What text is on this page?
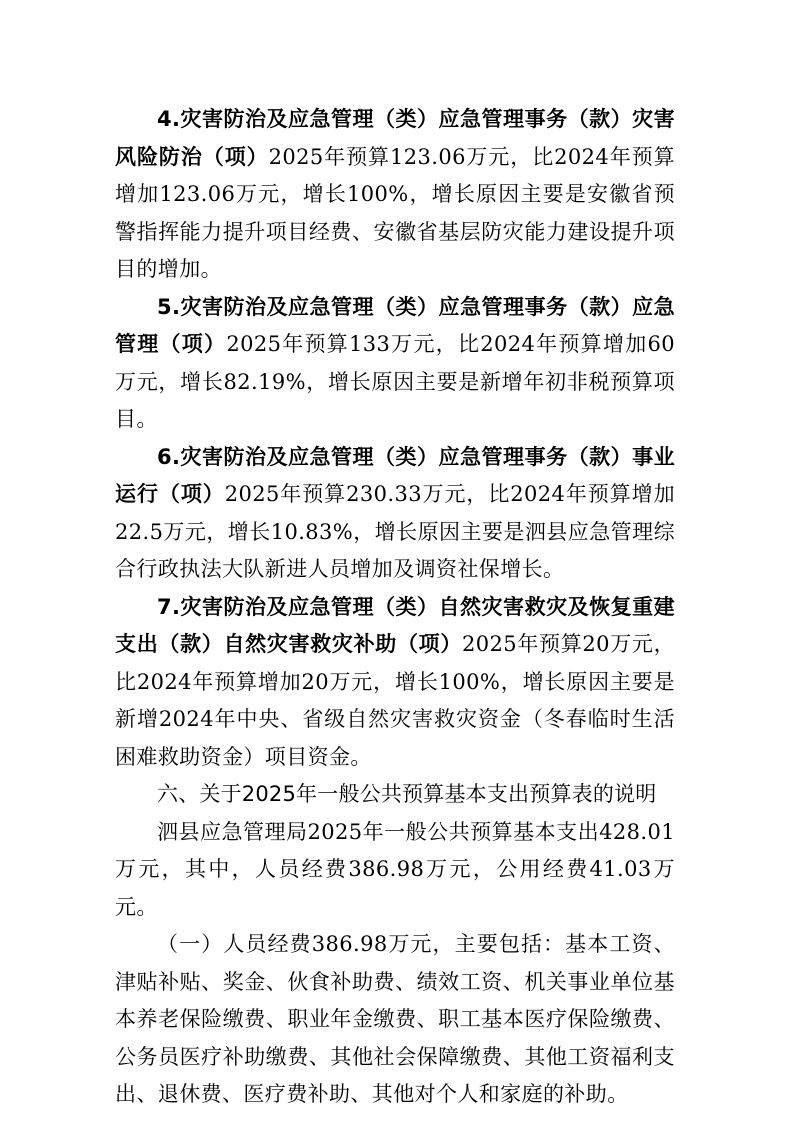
4.灾害防治及应急管理（类）应急管理事务（款）灾害风险防治（项）2025年预算123.06万元，比2024年预算增加123.06万元，增长100%，增长原因主要是安徽省预警指挥能力提升项目经费、安徽省基层防灾能力建设提升项目的增加。

5.灾害防治及应急管理（类）应急管理事务（款）应急管理（项）2025年预算133万元，比2024年预算增加60万元，增长82.19%，增长原因主要是新增年初非税预算项目。

6.灾害防治及应急管理（类）应急管理事务（款）事业运行（项）2025年预算230.33万元，比2024年预算增加22.5万元，增长10.83%，增长原因主要是泗县应急管理综合行政执法大队新进人员增加及调资社保增长。

7.灾害防治及应急管理（类）自然灾害救灾及恢复重建支出（款）自然灾害救灾补助（项）2025年预算20万元，比2024年预算增加20万元，增长100%，增长原因主要是新增2024年中央、省级自然灾害救灾资金（冬春临时生活困难救助资金）项目资金。

六、关于2025年一般公共预算基本支出预算表的说明

泗县应急管理局2025年一般公共预算基本支出428.01万元，其中，人员经费386.98万元，公用经费41.03万元。

（一）人员经费386.98万元，主要包括：基本工资、津贴补贴、奖金、伙食补助费、绩效工资、机关事业单位基本养老保险缴费、职业年金缴费、职工基本医疗保险缴费、公务员医疗补助缴费、其他社会保障缴费、其他工资福利支出、退休费、医疗费补助、其他对个人和家庭的补助。
